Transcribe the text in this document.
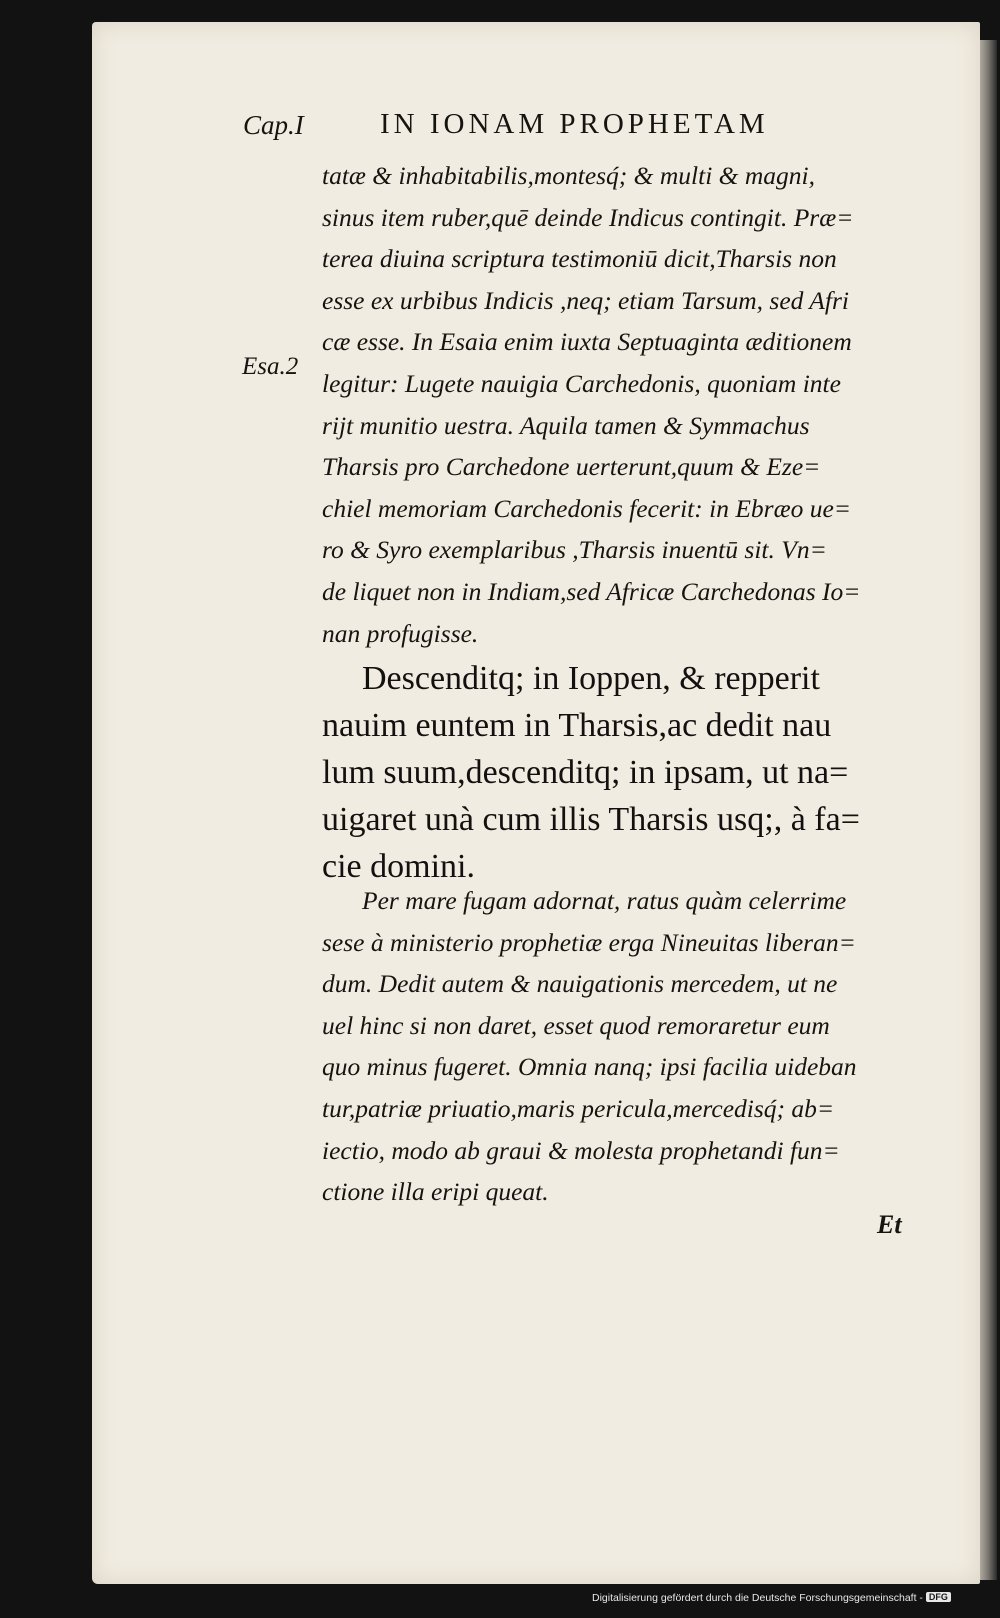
Cap.I	IN IONAM PROPHETAM
Esa.2
tatæ & inhabitabilis,montesq́; & multi & magni,
sinus item ruber,quē deinde Indicus contingit. Præ=
terea diuina scriptura testimoniū dicit,Tharsis non
esse ex urbibus Indicis ,neq; etiam Tarsum, sed Afri
cæ esse. In Esaia enim iuxta Septuaginta æditionem
legitur: Lugete nauigia Carchedonis, quoniam inte
rijt munitio uestra. Aquila tamen & Symmachus
Tharsis pro Carchedone uerterunt,quum & Eze=
chiel memoriam Carchedonis fecerit: in Ebræo ue=
ro & Syro exemplaribus ,Tharsis inuentū sit. Vn=
de liquet non in Indiam,sed Africæ Carchedonas Io=
nan profugisse.
Descenditq; in Ioppen, & repperit
nauim euntem in Tharsis,ac dedit nau
lum suum,descenditq; in ipsam, ut na=
uigaret unà cum illis Tharsis usq;, à fa=
cie domini.
Per mare fugam adornat, ratus quàm celerrime
sese à ministerio prophetiæ erga Nineuitas liberan=
dum. Dedit autem & nauigationis mercedem, ut ne
uel hinc si non daret, esset quod remoraretur eum
quo minus fugeret. Omnia nanq; ipsi facilia uideban
tur,patriæ priuatio,maris pericula,mercedisq́; ab=
iectio, modo ab graui & molesta prophetandi fun=
ctione illa eripi queat.
Et
Digitalisierung gefördert durch die Deutsche Forschungsgemeinschaft - DFG
